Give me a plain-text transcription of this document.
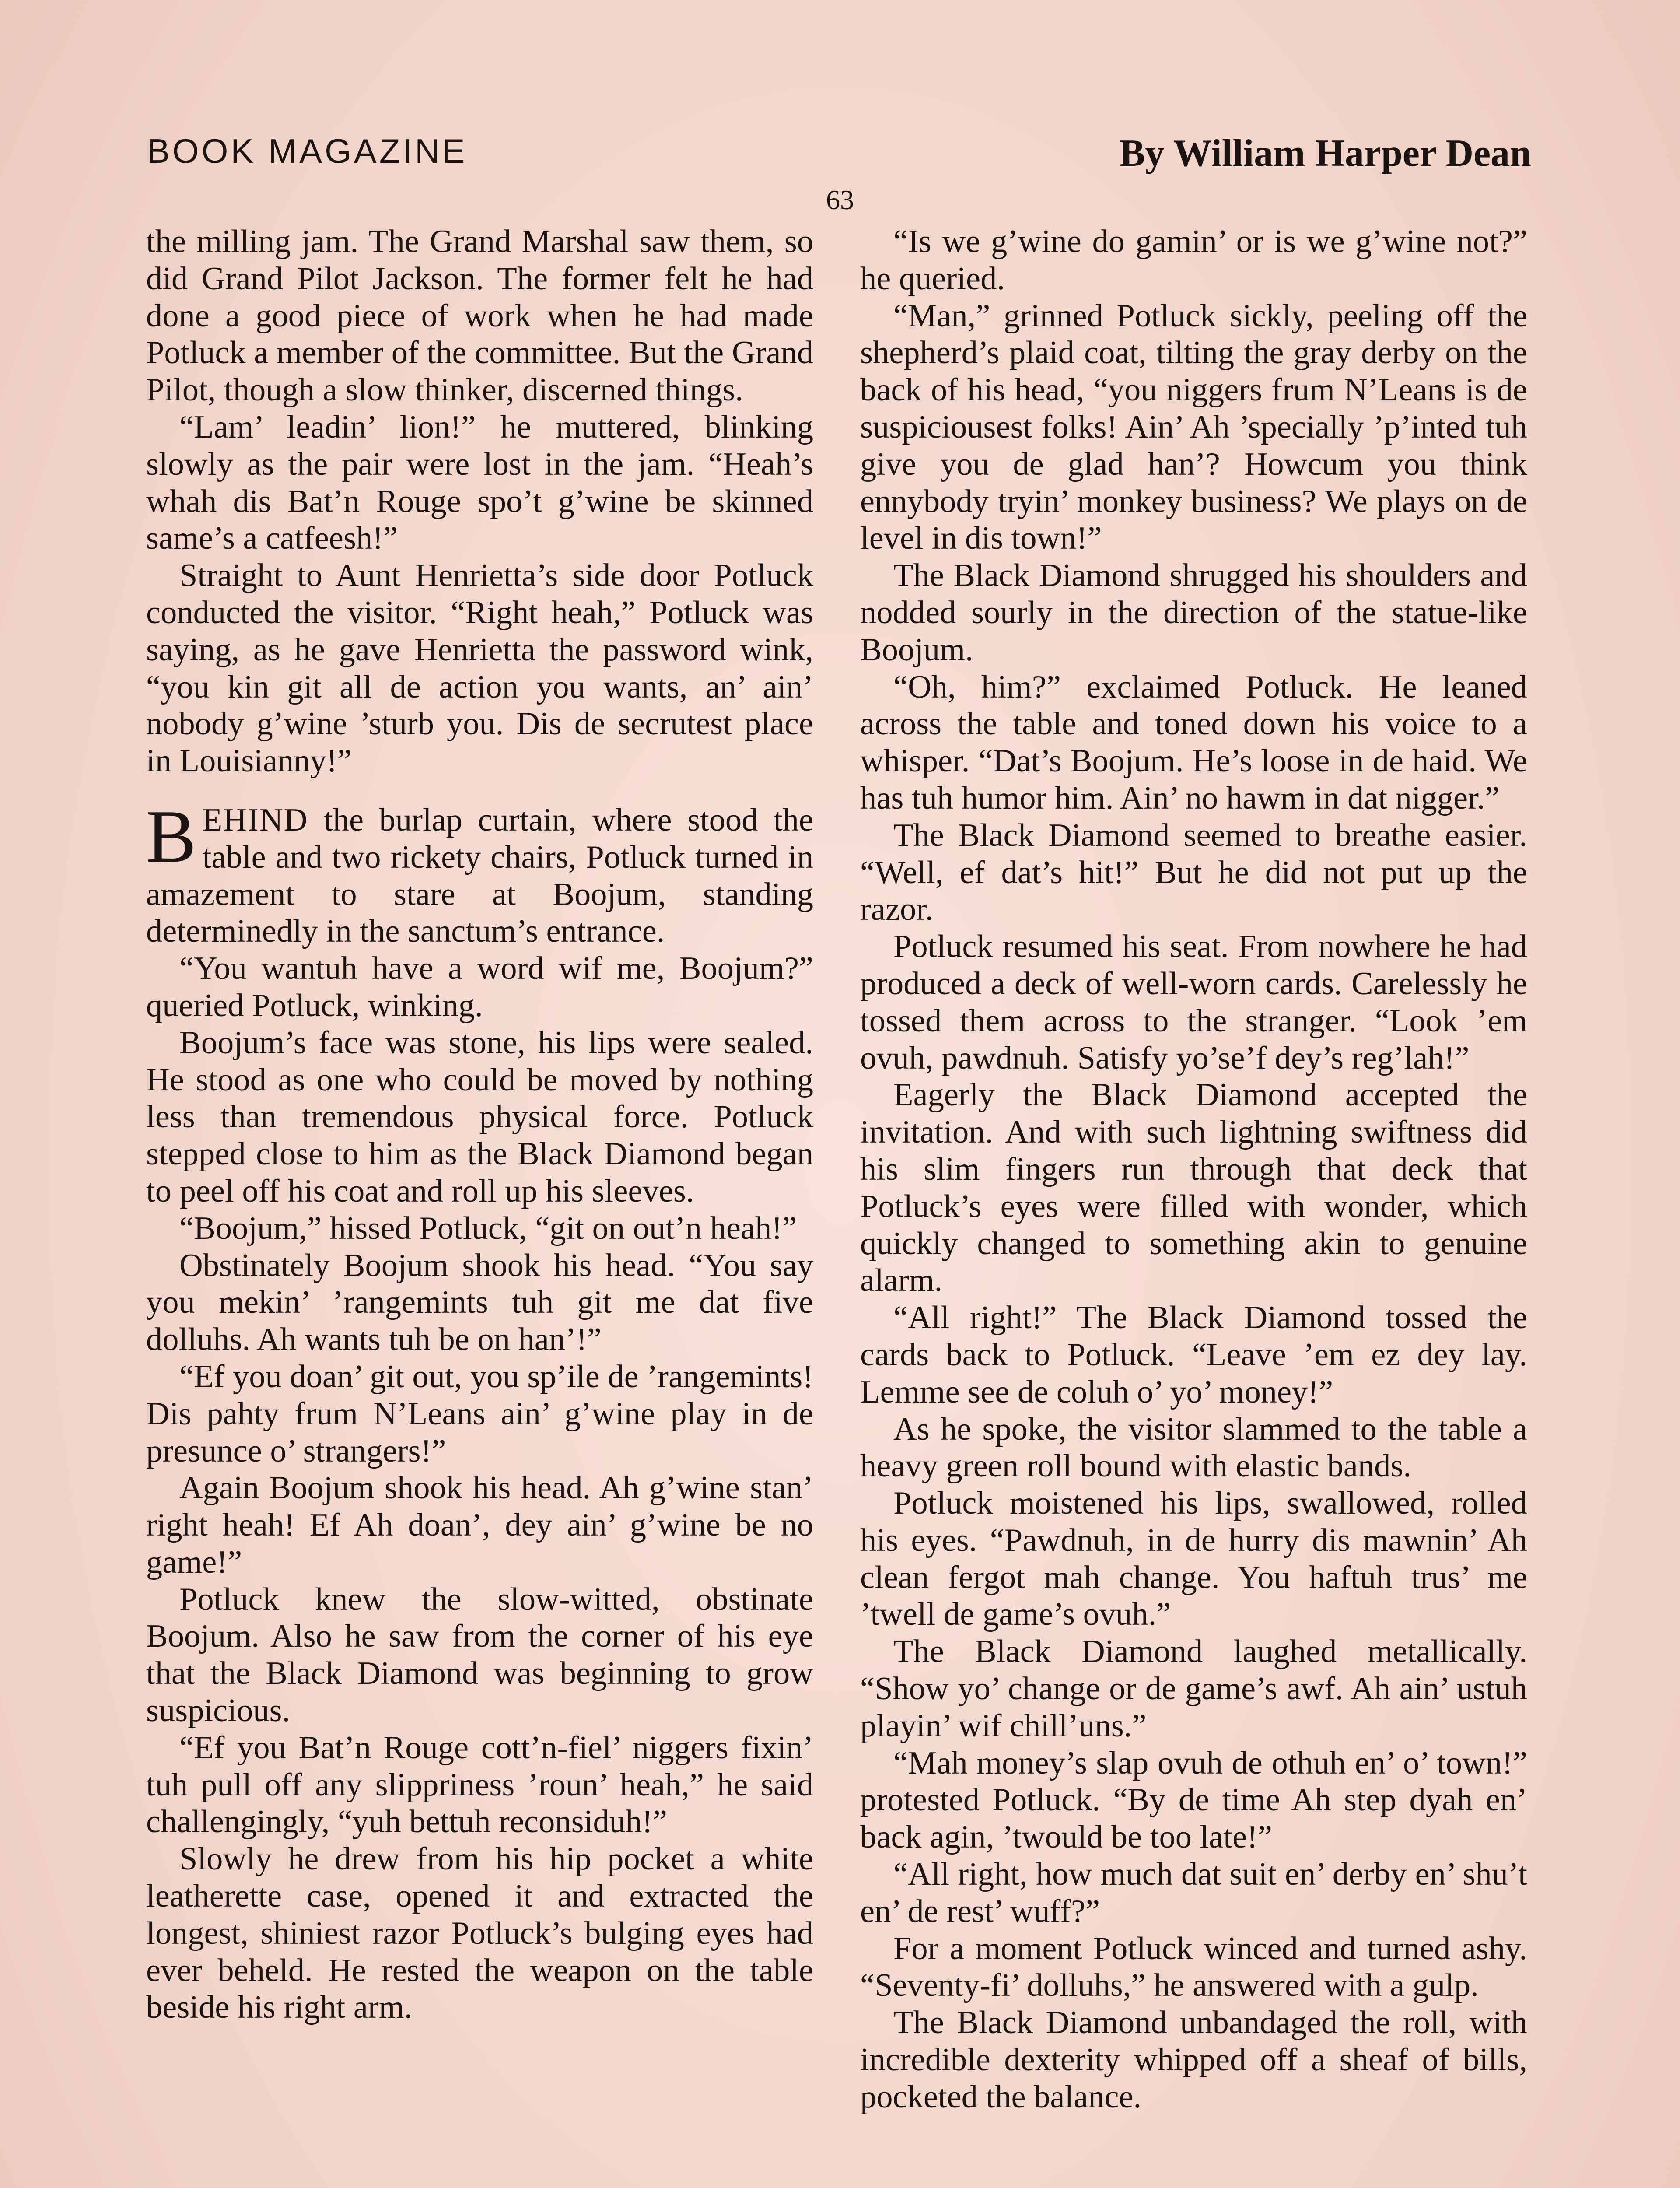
BOOK MAGAZINE	By William Harper Dean
63

the milling jam. The Grand Marshal saw them, so did Grand Pilot Jackson. The former felt he had done a good piece of work when he had made Potluck a member of the committee. But the Grand Pilot, though a slow thinker, discerned things.

“Lam’ leadin’ lion!” he muttered, blinking slowly as the pair were lost in the jam. “Heah’s whah dis Bat’n Rouge spo’t g’wine be skinned same’s a catfeesh!”

Straight to Aunt Henrietta’s side door Potluck conducted the visitor. “Right heah,” Potluck was saying, as he gave Henrietta the password wink, “you kin git all de action you wants, an’ ain’ nobody g’wine ’sturb you. Dis de secrutest place in Louisianny!”

BEHIND the burlap curtain, where stood the table and two rickety chairs, Potluck turned in amazement to stare at Boojum, standing determinedly in the sanctum’s entrance.

“You wantuh have a word wif me, Boojum?” queried Potluck, winking.

Boojum’s face was stone, his lips were sealed. He stood as one who could be moved by nothing less than tremendous physical force. Potluck stepped close to him as the Black Diamond began to peel off his coat and roll up his sleeves.

“Boojum,” hissed Potluck, “git on out’n heah!”

Obstinately Boojum shook his head. “You say you mekin’ ’rangemints tuh git me dat five dolluhs. Ah wants tuh be on han’!”

“Ef you doan’ git out, you sp’ile de ’rangemints! Dis pahty frum N’Leans ain’ g’wine play in de presunce o’ strangers!”

Again Boojum shook his head. Ah g’wine stan’ right heah! Ef Ah doan’, dey ain’ g’wine be no game!”

Potluck knew the slow-witted, obstinate Boojum. Also he saw from the corner of his eye that the Black Diamond was beginning to grow suspicious.

“Ef you Bat’n Rouge cott’n-fiel’ niggers fixin’ tuh pull off any slippriness ’roun’ heah,” he said challengingly, “yuh bettuh reconsiduh!”

Slowly he drew from his hip pocket a white leatherette case, opened it and extracted the longest, shiniest razor Potluck’s bulging eyes had ever beheld. He rested the weapon on the table beside his right arm.

“Is we g’wine do gamin’ or is we g’wine not?” he queried.

“Man,” grinned Potluck sickly, peeling off the shepherd’s plaid coat, tilting the gray derby on the back of his head, “you niggers frum N’Leans is de suspiciousest folks! Ain’ Ah ’specially ’p’inted tuh give you de glad han’? Howcum you think ennybody tryin’ monkey business? We plays on de level in dis town!”

The Black Diamond shrugged his shoulders and nodded sourly in the direction of the statue-like Boojum.

“Oh, him?” exclaimed Potluck. He leaned across the table and toned down his voice to a whisper. “Dat’s Boojum. He’s loose in de haid. We has tuh humor him. Ain’ no hawm in dat nigger.”

The Black Diamond seemed to breathe easier. “Well, ef dat’s hit!” But he did not put up the razor.

Potluck resumed his seat. From nowhere he had produced a deck of well-worn cards. Carelessly he tossed them across to the stranger. “Look ’em ovuh, pawdnuh. Satisfy yo’se’f dey’s reg’lah!”

Eagerly the Black Diamond accepted the invitation. And with such lightning swiftness did his slim fingers run through that deck that Potluck’s eyes were filled with wonder, which quickly changed to something akin to genuine alarm.

“All right!” The Black Diamond tossed the cards back to Potluck. “Leave ’em ez dey lay. Lemme see de coluh o’ yo’ money!”

As he spoke, the visitor slammed to the table a heavy green roll bound with elastic bands.

Potluck moistened his lips, swallowed, rolled his eyes. “Pawdnuh, in de hurry dis mawnin’ Ah clean fergot mah change. You haftuh trus’ me ’twell de game’s ovuh.”

The Black Diamond laughed metallically. “Show yo’ change or de game’s awf. Ah ain’ ustuh playin’ wif chill’uns.”

“Mah money’s slap ovuh de othuh en’ o’ town!” protested Potluck. “By de time Ah step dyah en’ back agin, ’twould be too late!”

“All right, how much dat suit en’ derby en’ shu’t en’ de rest’ wuff?”

For a moment Potluck winced and turned ashy. “Seventy-fi’ dolluhs,” he answered with a gulp.

The Black Diamond unbandaged the roll, with incredible dexterity whipped off a sheaf of bills, pocketed the balance.
